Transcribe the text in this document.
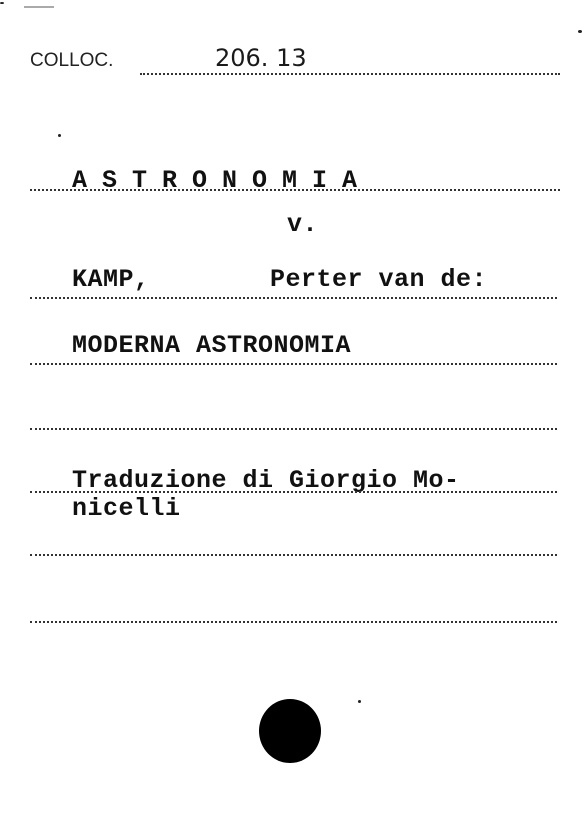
COLLOC.	206. 13
A S T R O N O M I A
v.
KAMP,	Perter van de:
MODERNA ASTRONOMIA
Traduzione di Giorgio Mo-
nicelli
